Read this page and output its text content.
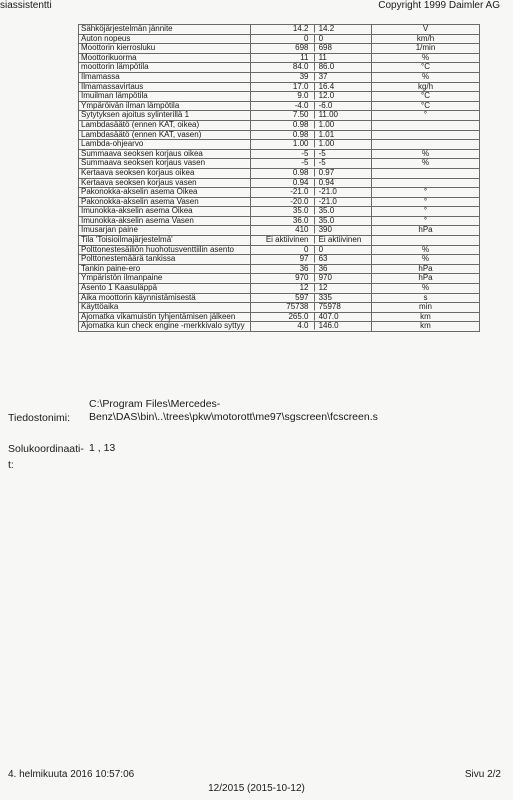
siassistentti	Copyright 1999 Daimler AG
Sähköjärjestelmän jännite	14.2	| 14.2	V
Auton nopeus	0	| 0	km/h
Moottorin kierrosluku	698	| 698	1/min
Moottorikuorma	11	| 11	%
moottorin lämpötila	84.0	| 86.0	°C
Ilmamassa	39	| 37	%
Ilmamassavirtaus	17.0	| 16.4	kg/h
Imuilman lämpötila	9.0	| 12.0	°C
Ympäröivän ilman lämpötila	-4.0	| -6.0	°C
Sytytyksen ajoitus sylinterillä 1	7.50	| 11.00	°
Lambdasäätö (ennen KAT, oikea)	0.98	| 1.00	
Lambdasäätö (ennen KAT, vasen)	0.98	| 1.01	
Lambda-ohjearvo	1.00	| 1.00	
Summaava seoksen korjaus oikea	-5	| -5	%
Summaava seoksen korjaus vasen	-5	| -5	%
Kertaava seoksen korjaus oikea	0.98	| 0.97	
Kertaava seoksen korjaus vasen	0.94	| 0.94	
Pakonokka-akselin asema Oikea	-21.0	| -21.0	°
Pakonokka-akselin asema Vasen	-20.0	| -21.0	°
Imunokka-akselin asema Oikea	35.0	| 35.0	°
Imunokka-akselin asema Vasen	36.0	| 35.0	°
Imusarjan paine	410	| 390	hPa
Tila 'Toisioilmajärjestelmä'	Ei aktiivinen	| Ei aktiivinen	
Polttonestesäiliön huohotusventtiilin asento	0	| 0	%
Polttonestemäärä tankissa	97	| 63	%
Tankin paine-ero	36	| 36	hPa
Ympäristön ilmanpaine	970	| 970	hPa
Asento 1 Kaasuläppä	12	| 12	%
Aika moottorin käynnistämisestä	597	| 335	s
Käyttöaika	75738	| 75978	min
Ajomatka vikamuistin tyhjentämisen jälkeen	265.0	| 407.0	km
Ajomatka kun check engine -merkkivalo syttyy	4.0	| 146.0	km
Tiedostonimi:
C:\Program Files\Mercedes-Benz\DAS\bin\..\trees\pkw\motorott\me97\sgscreen\fcscreen.s
Solukoordinaati-t:
1 , 13
4. helmikuuta 2016 10:57:06	Sivu 2/2
12/2015 (2015-10-12)
